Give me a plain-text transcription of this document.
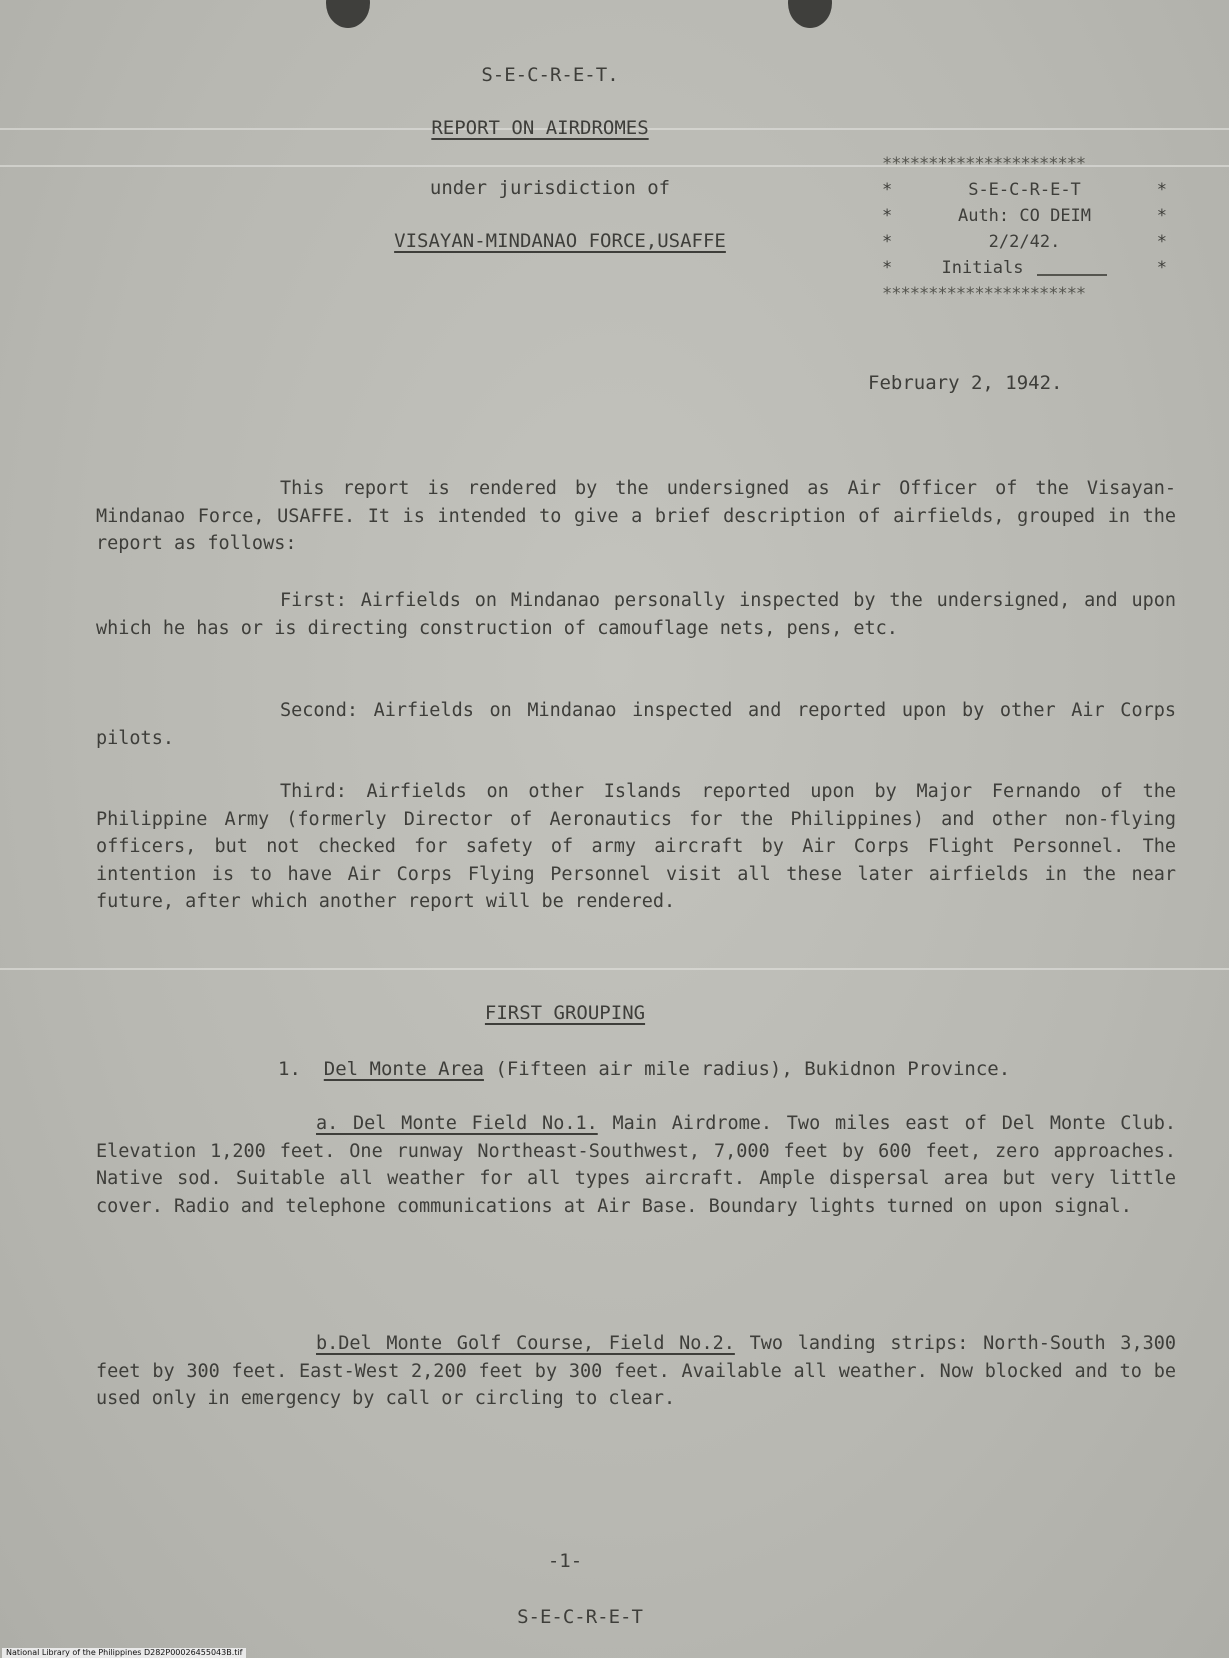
S-E-C-R-E-T.
REPORT ON AIRDROMES
under jurisdiction of
VISAYAN-MINDANAO FORCE,USAFFE
**********************
*	S-E-C-R-E-T	*
*	Auth: CO DEIM	*
*	2/2/42.	*
*	Initials	*
**********************
February 2, 1942.
This report is rendered by the undersigned as Air Officer of the Visayan-Mindanao Force, USAFFE. It is intended to give a brief description of airfields, grouped in the report as follows:
First: Airfields on Mindanao personally inspected by the undersigned, and upon which he has or is directing construction of camouflage nets, pens, etc.
Second: Airfields on Mindanao inspected and reported upon by other Air Corps pilots.
Third: Airfields on other Islands reported upon by Major Fernando of the Philippine Army (formerly Director of Aeronautics for the Philippines) and other non-flying officers, but not checked for safety of army aircraft by Air Corps Flight Personnel. The intention is to have Air Corps Flying Personnel visit all these later airfields in the near future, after which another report will be rendered.
FIRST GROUPING
1. Del Monte Area (Fifteen air mile radius), Bukidnon Province.
a. Del Monte Field No.1. Main Airdrome. Two miles east of Del Monte Club. Elevation 1,200 feet. One runway Northeast-Southwest, 7,000 feet by 600 feet, zero approaches. Native sod. Suitable all weather for all types aircraft. Ample dispersal area but very little cover. Radio and telephone communications at Air Base. Boundary lights turned on upon signal.
b.Del Monte Golf Course, Field No.2. Two landing strips: North-South 3,300 feet by 300 feet. East-West 2,200 feet by 300 feet. Available all weather. Now blocked and to be used only in emergency by call or circling to clear.
-1-
S-E-C-R-E-T
National Library of the Philippines D282P00026455043B.tif
